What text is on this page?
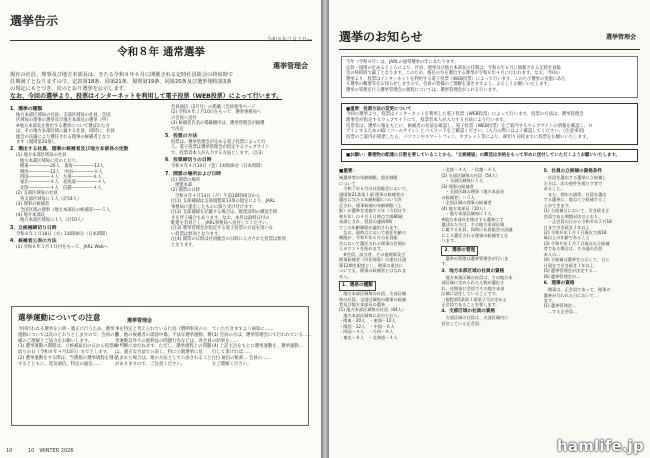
選挙告示
令和８年２月２日―
令和８年 通常選挙
選挙管理会
現在の社員、理事及び地方本部長は、きたる令和８年６月に開催される定時社員総会の終結時で
任期満了となりますので、定款第18条、同第21条、規則第19条、同第20条及び選挙規程第3条
の規定にもとづき、次のとおり選挙を公示します。
なお、今回の選挙より、投票はインターネットを利用して電子投票（WEB投票）によって行います。
1．選挙の種類
地方本部区域毎の社員、支部区域毎の社員、全国
区域毎の理事の選挙及び地方本部長の選挙（申）
※地方本部長を推出する選挙について選ばれた方
は、その地方本部区域に属する社員、同時に、社員
総会の決議により選任される理事の候補者となり
ます（規則第20条）。
2．選出する社員、理事の候補者及び地方本部長の定数
(1) 地方本部区域毎の社員
地方本部区域毎に次のとおり。
関東―――――20人　東海―――――12人
関西―――――12人　中国―――――８人
四国―――――４人　九州―――――８人
東北―――――８人　北海道―――――４人
北陸―――――４人　信越―――――４人
(2) 支部区域毎の社員
各支部区域毎に１人（計54人）
(3) 理事の候補者
全国区域の理事（地方本部長の候補者――５人
(4) 地方本部長
地方本部区域毎に１人（計10人）
3．立候補締切り日時
令和８年２月18日（水）14時00分（日本時間）
4．候補者公表の方法
(1) 令和８年３月１日付をもって、JARL Webへ
会員通信（2月号）の掲載（会員専用ページ
(2) 令和８年３月10日をもって、選挙事務局へ
の会員へ送付
(3) 候補者氏名の掲載順序は、選挙管理会が抽選
で決定
5．投票の方法
投票は、選挙管理会が定める電子投票によって行
う。電子投票は選挙管理会が指定するウェブサイト
で、投票者本人が入力する方法とします。（注3）
6．投票締切りの日時
令和８年４月10日（金）14時00分（日本時間）
7．開票の場所および日時
(1) 開票の場所
連盟本部
(2) 開票の日時
令和８年４月13日（月）午前10時00分から
(注1) 支部補録は支部規程第13条の規定により、JARL
事務局に提出したものに限り受け付けます。
(注2) 支部補録を記載する場合は、配達証明の郵送手続
きを伴う場合もあります。なお、本件は最終日付の
配達を有効とし、JARL事務局へ送付してください。
(注3) 選挙管理会が指定する電子投票の方法を用いな
い投票は無効となります。
(注4) 開票の日時は社員総会の日時に入力された投票は無効
となります。
選挙運動についての注意	選挙管理会
今回行われる選挙を公明・適正に行うため、選挙
運動については次のとおりとしますので、会員の皆
様のご理解とご協力をお願いします。
(1) 選挙運動の期間は、立候補届出の日から投票締
切りの日（令和８年４月10日）までとします。
(2) 選挙運動をする際は、当選規の選挙規程を遵守
するとともに、電気通信、特定の通信……
事を特定と考えられている行為（慣例事実の公
表、他の候補者の誹謗中傷、不法な選挙運動、選
挙運動以外での他利益の問題行為などは、各会員
の判断にゆだねます。ただし、選挙規程上の問題
は、適正な方法で公表し、特に公開選挙に見
込まれた場合は、他の方法として公表されること
がありますので、ご注意ください。
ていただきますよう通知に……
(3) 会員の方は、選挙管理会にて行われている……
の結果を……
(4) 上記主旨をもとに選挙運動を、選挙運動…
行して頂ければ……
(注) 通信の秘密… 会員の……
をご理解ください。
10	10　WINTER 2026
選挙のお知らせ	選挙管理会
今年（令和８年）は、JARLの通常選挙の年にあたります。
定款・規則の定めるところにより、社員、理事及び地方本部長の任期は、令和８年６月に開催される定時社員総
会の終結時で満了となります。このため、後任の方を選出する選挙が令和８年４月に行われます。なお、今回の
選挙より、投票はインターネットを利用する電子投票（WEB投票）によって行います。このたび選挙の実施にあた
り選挙の概要等をお知らせしますので、会員の皆様のご理解を頂きますよう、よろしくお願いいたします。
選挙の管理を行う選挙管理会の規程については、選挙管理会がこれを行います。
■重要：投票方法の変更について
今回の選挙より、投票はインターネットを利用した電子投票（WEB投票）によって行います。投票の方法は、選挙管理会
理事会が指定するウェブサイトにて、投票者本人が入力する方法により行います。
投票者は、選挙公報をもとに、候補者の名前を確認し、電子投票（WEB投票）をご案内するウェブサイトの情報を確認し、ロ
グインするためのID（コールサイン）とパスワードをご確認ください。（入力の際にはよく確認してください。（注意事項)
投票のご案内が到達したら、パソコンやスマートフォン、タブレット等により、締切り日時までに投票をお願いいたします。
■お願い：郵便物の配達に日数を要していることから、「立候補届」の郵送は余裕をもって早めに送付していただくようお願いいたします。
■重要：
統選挙等の年齢制限、重任制限
について
　令和７年６月の社員総会において、
規則第21条第１項 理事の候補者の
選出に当たる年齢制限について改
正され、理事候補の年齢制限（上
限）が選挙を実施する年（今回は令
和８年）の４月１日時点で満80歳
未満とされ、役員の連続6期
でこの年齢制限が適用されます。
　なお、現時点において就任年齢の
制限が、令和８年６月の社員総
会において選任される理事の任期か
らカウントを始めます。
　※会員、該当者、その他理事及び
理事候補者（付任理事）の重任は通
算12期を限度とし、理事の重任に
ついても、理事の候補者とはなれま
せん。
1．選挙の種類
　地方本部区域毎の社員、支部区域
毎の社員、全国区域毎の理事の候補
者及び地方本部長の選挙
(1) 地方本部区域毎の社員（64人）
　地方本部区域毎に次のとおり。
・関東－20人　・東海－12人
・関西－12人　・中国－８人
・四国－４人　・九州－８人
・東北－８人　・北海道－４人
・北陸－４人　・信越－４人
(2) 支部区域毎の社員（54人）
　・支部区域毎に１人
(3) 理事の候補者
　・全国区域の理事（地方本部長
の候補者）－５人
・全国区域の理事の候補者
(4) 地方本部長（10人）
　・地方本部区域毎に１人
※地方本部長を推出する選挙にて
選ばれた方は、その地方本部区域
に属する社員、同時に社員総会の決議
により選任される理事の候補者とな
ります。
2．選挙の管理
　選挙の管理は選挙管理会が行いま
す。
3．地方本部区域の社員の資格
　地方本部区域の社員は、その地方本
部区域に定められた人数が選出さ
れ、任期前に会員でその地方本部
区域に居住していることです。
（規程第5条第１項第２号が定める
正会員であることを要します。
4．支部区域の社員の資格
　支部区域の社員は、支部区域内に
居住している正会員。
5．社員の立候補の資格条件
　社員を選出する選挙に立候補し
た方は、次の要件を満たす者で
あること。
　また、例年の通常、社員を選出
する選挙に、重ねて立候補するこ
とができます。
(1) 立候補日において、引き続き正
会員である期間が次のとおり。
　・正会員の日から令和８年２月18
日まで引き続き３年以上
(2) 令和８年１月１日現在で満18
歳以上の年齢であること
(3) 令和８年１月７日現在の立候補
者である場合は、その他の会員
本人の…
(4) 立候補は選挙を公示して、日に
日現在で引き続き１年以上
(5) 選挙管理会が決定する…
(6) 選挙管理会の…
6．理事の資格
　理事は、正会員であって、理事の
選挙が行われる日において…
ます。
(1) 選挙管理会…
　…する正会員…
hamlife.jp
